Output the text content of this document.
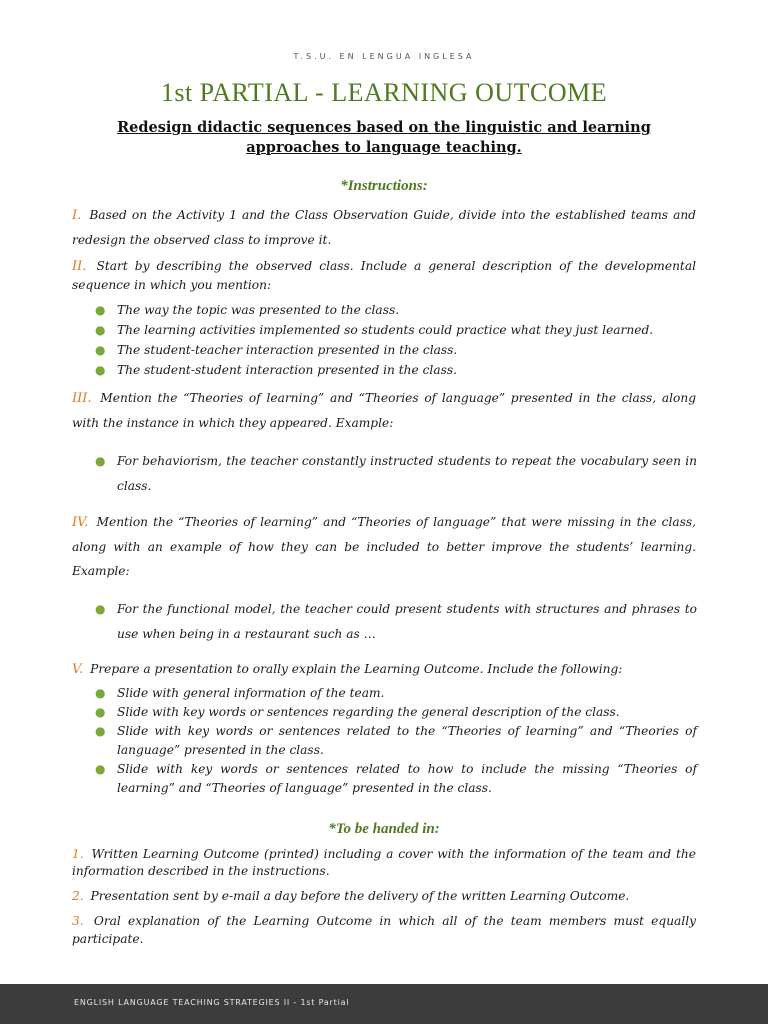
T.S.U. EN LENGUA INGLESA
1st PARTIAL - LEARNING OUTCOME
Redesign didactic sequences based on the linguistic and learning approaches to language teaching.
*Instructions:
I. Based on the Activity 1 and the Class Observation Guide, divide into the established teams and redesign the observed class to improve it.
II. Start by describing the observed class. Include a general description of the developmental sequence in which you mention:
● The way the topic was presented to the class.
● The learning activities implemented so students could practice what they just learned.
● The student-teacher interaction presented in the class.
● The student-student interaction presented in the class.
III. Mention the “Theories of learning” and “Theories of language” presented in the class, along with the instance in which they appeared. Example:
● For behaviorism, the teacher constantly instructed students to repeat the vocabulary seen in class.
IV. Mention the “Theories of learning” and “Theories of language” that were missing in the class, along with an example of how they can be included to better improve the students’ learning. Example:
● For the functional model, the teacher could present students with structures and phrases to use when being in a restaurant such as …
V. Prepare a presentation to orally explain the Learning Outcome. Include the following:
● Slide with general information of the team.
● Slide with key words or sentences regarding the general description of the class.
● Slide with key words or sentences related to the “Theories of learning” and “Theories of language” presented in the class.
● Slide with key words or sentences related to how to include the missing “Theories of learning” and “Theories of language” presented in the class.
*To be handed in:
1. Written Learning Outcome (printed) including a cover with the information of the team and the information described in the instructions.
2. Presentation sent by e-mail a day before the delivery of the written Learning Outcome.
3. Oral explanation of the Learning Outcome in which all of the team members must equally participate.
ENGLISH LANGUAGE TEACHING STRATEGIES II - 1st Partial
